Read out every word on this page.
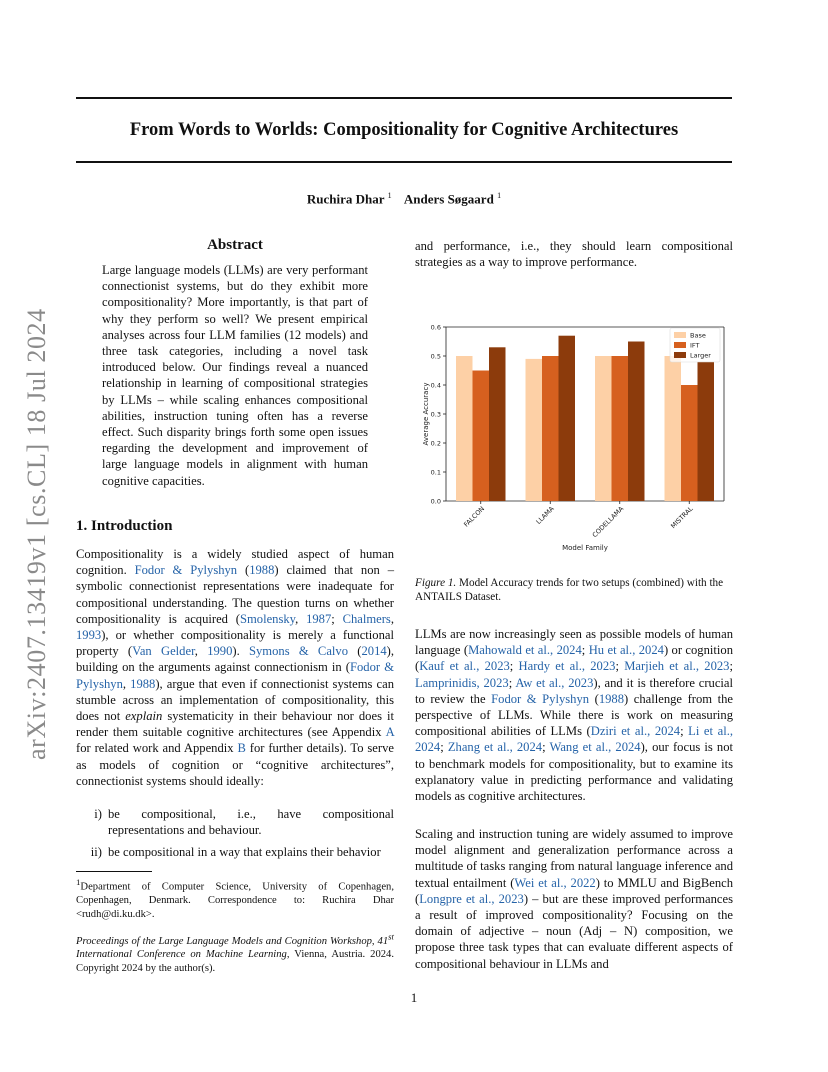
From Words to Worlds: Compositionality for Cognitive Architectures
Ruchira Dhar $^1$ Anders Søgaard $^1$
arXiv:2407.13419v1 [cs.CL] 18 Jul 2024
Abstract
Large language models (LLMs) are very performant connectionist systems, but do they exhibit more compositionality? More importantly, is that part of why they perform so well? We present empirical analyses across four LLM families (12 models) and three task categories, including a novel task introduced below. Our findings reveal a nuanced relationship in learning of compositional strategies by LLMs – while scaling enhances compositional abilities, instruction tuning often has a reverse effect. Such disparity brings forth some open issues regarding the development and improvement of large language models in alignment with human cognitive capacities.
1. Introduction
Compositionality is a widely studied aspect of human cognition. Fodor & Pylyshyn (1988) claimed that non – symbolic connectionist representations were inadequate for compositional understanding. The question turns on whether compositionality is acquired (Smolensky, 1987; Chalmers, 1993), or whether compositionality is merely a functional property (Van Gelder, 1990). Symons & Calvo (2014), building on the arguments against connectionism in (Fodor & Pylyshyn, 1988), argue that even if connectionist systems can stumble across an implementation of compositionality, this does not explain systematicity in their behaviour nor does it render them suitable cognitive architectures (see Appendix A for related work and Appendix B for further details). To serve as models of cognition or “cognitive architectures”, connectionist systems should ideally:
i) be compositional, i.e., have compositional representations and behaviour.
ii) be compositional in a way that explains their behavior
$^1$Department of Computer Science, University of Copenhagen, Copenhagen, Denmark. Correspondence to: Ruchira Dhar <rudh@di.ku.dk>.
Proceedings of the Large Language Models and Cognition Workshop, 41st International Conference on Machine Learning, Vienna, Austria. 2024. Copyright 2024 by the author(s).
and performance, i.e., they should learn compositional strategies as a way to improve performance.
0.0
0.1
0.2
0.3
0.4
0.5
0.6
FALCON	LLAMA	CODELLAMA	MISTRAL
Model Family
Average Accuracy
Base
IFT
Larger
Figure 1. Model Accuracy trends for two setups (combined) with the ANTAILS Dataset.
LLMs are now increasingly seen as possible models of human language (Mahowald et al., 2024; Hu et al., 2024) or cognition (Kauf et al., 2023; Hardy et al., 2023; Marjieh et al., 2023; Lamprinidis, 2023; Aw et al., 2023), and it is therefore crucial to review the Fodor & Pylyshyn (1988) challenge from the perspective of LLMs. While there is work on measuring compositional abilities of LLMs (Dziri et al., 2024; Li et al., 2024; Zhang et al., 2024; Wang et al., 2024), our focus is not to benchmark models for compositionality, but to examine its explanatory value in predicting performance and validating models as cognitive architectures.
Scaling and instruction tuning are widely assumed to improve model alignment and generalization performance across a multitude of tasks ranging from natural language inference and textual entailment (Wei et al., 2022) to MMLU and BigBench (Longpre et al., 2023) – but are these improved performances a result of improved compositionality? Focusing on the domain of adjective – noun (Adj – N) composition, we propose three task types that can evaluate different aspects of compositional behaviour in LLMs and
1
